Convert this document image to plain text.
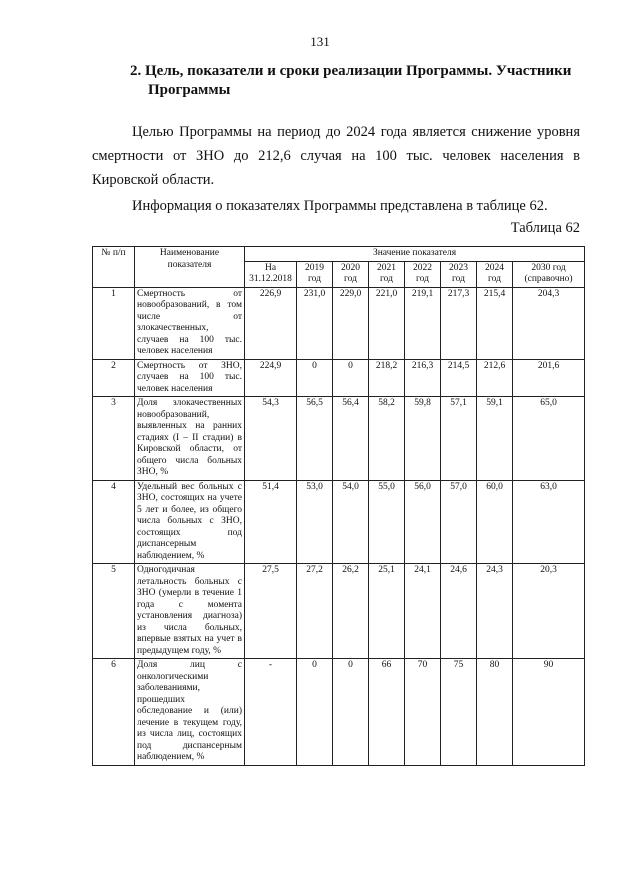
131
2. Цель, показатели и сроки реализации Программы. Участники
Программы
Целью Программы на период до 2024 года является снижение уровня смертности от ЗНО до 212,6 случая на 100 тыс. человек населения в Кировской области.
Информация о показателях Программы представлена в таблице 62.
Таблица 62
№ п/п	Наименование показателя	Значение показателя							
		На 31.12.2018	2019 год	2020 год	2021 год	2022 год	2023 год	2024 год	2030 год (справочно)
1	Смертность от новообразований, в том числе от злокачественных, случаев на 100 тыс. человек населения	226,9	231,0	229,0	221,0	219,1	217,3	215,4	204,3
2	Смертность от ЗНО, случаев на 100 тыс. человек населения	224,9	0	0	218,2	216,3	214,5	212,6	201,6
3	Доля злокачественных новообразований, выявленных на ранних стадиях (I – II стадии) в Кировской области, от общего числа больных ЗНО, %	54,3	56,5	56,4	58,2	59,8	57,1	59,1	65,0
4	Удельный вес больных с ЗНО, состоящих на учете 5 лет и более, из общего числа больных с ЗНО, состоящих под диспансерным наблюдением, %	51,4	53,0	54,0	55,0	56,0	57,0	60,0	63,0
5	Одногодичная летальность больных с ЗНО (умерли в течение 1 года с момента установления диагноза) из числа больных, впервые взятых на учет в предыдущем году, %	27,5	27,2	26,2	25,1	24,1	24,6	24,3	20,3
6	Доля лиц с онкологическими заболеваниями, прошедших обследование и (или) лечение в текущем году, из числа лиц, состоящих под диспансерным наблюдением, %	-	0	0	66	70	75	80	90
